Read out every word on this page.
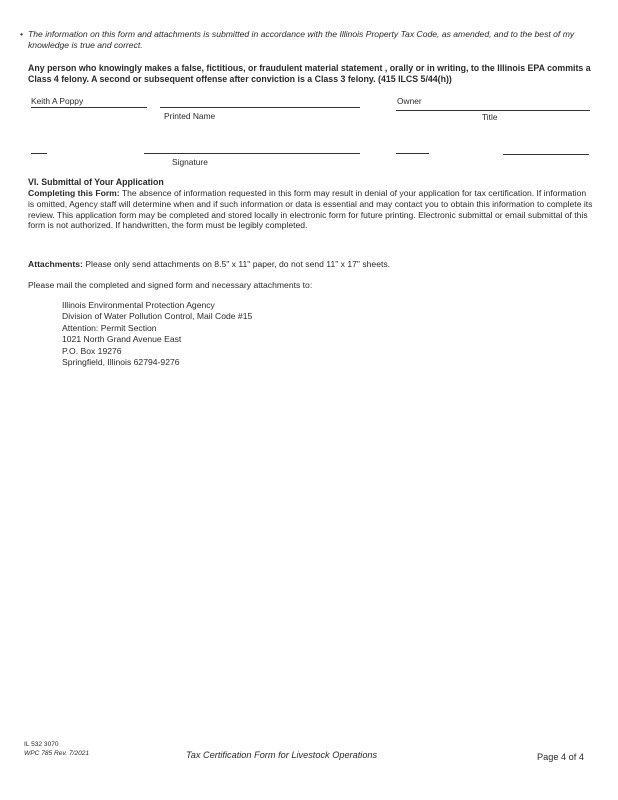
• The information on this form and attachments is submitted in accordance with the Illinois Property Tax Code, as amended, and to the best of my knowledge is true and correct.
Any person who knowingly makes a false, fictitious, or fraudulent material statement , orally or in writing, to the Illinois EPA commits a Class 4 felony. A second or subsequent offense after conviction is a Class 3 felony. (415 ILCS 5/44(h))
Keith A Poppy	Owner
Printed Name	Title
Signature
VI. Submittal of Your Application
Completing this Form: The absence of information requested in this form may result in denial of your application for tax certification. If information is omitted, Agency staff will determine when and if such information or data is essential and may contact you to obtain this information to complete its review. This application form may be completed and stored locally in electronic form for future printing. Electronic submittal or email submittal of this form is not authorized. If handwritten, the form must be legibly completed.
Attachments: Please only send attachments on 8.5" x 11" paper, do not send 11" x 17" sheets.
Please mail the completed and signed form and necessary attachments to:
Illinois Environmental Protection Agency
Division of Water Pollution Control, Mail Code #15
Attention: Permit Section
1021 North Grand Avenue East
P.O. Box 19276
Springfield, Illinois 62794-9276
IL 532 3070
WPC 785 Rev. 7/2021	Tax Certification Form for Livestock Operations	Page 4 of 4
